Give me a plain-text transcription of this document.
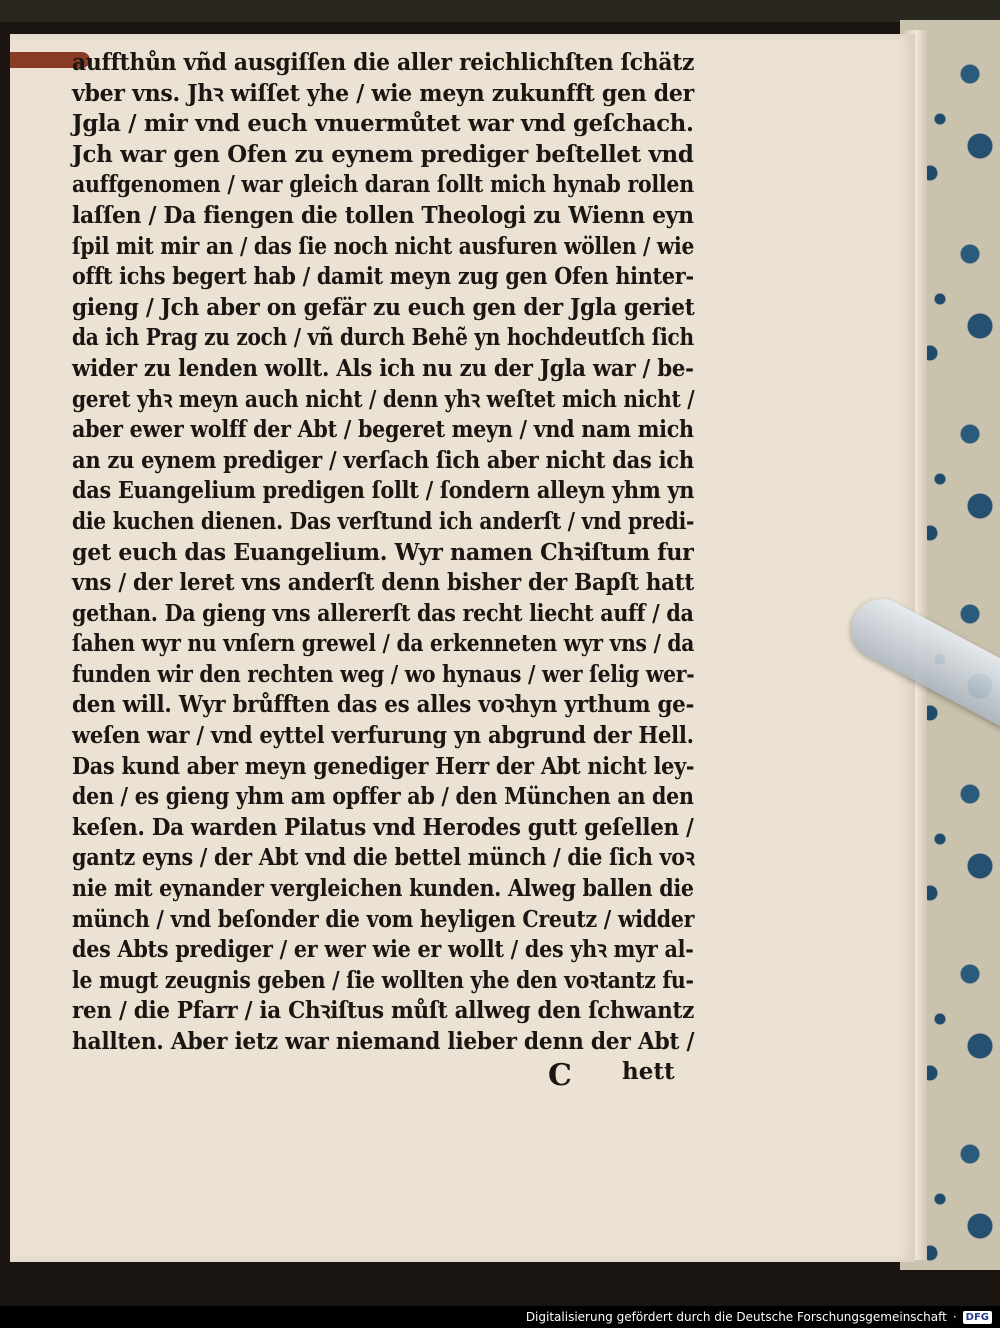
auffthůn vñd ausgiſſen die aller reichlichſten ſchätz
vber vns. Jhꝛ wiſſet yhe / wie meyn zukunfft gen der
Jgla / mir vnd euch vnuermůtet war vnd geſchach.
Jch war gen Ofen zu eynem prediger beſtellet vnd
auffgenomen / war gleich daran ſollt mich hynab rollen
laſſen / Da fiengen die tollen Theologi zu Wienn eyn
ſpil mit mir an / das ſie noch nicht ausfuren wöllen / wie
offt ichs begert hab / damit meyn zug gen Ofen hinter-
gieng / Jch aber on gefär zu euch gen der Jgla geriet
da ich Prag zu zoch / vñ durch Behẽ yn hochdeutſch ſich
wider zu lenden wollt. Als ich nu zu der Jgla war / be-
geret yhꝛ meyn auch nicht / denn yhꝛ weſtet mich nicht /
aber ewer wolff der Abt / begeret meyn / vnd nam mich
an zu eynem prediger / verſach ſich aber nicht das ich
das Euangelium predigen ſollt / ſondern alleyn yhm yn
die kuchen dienen. Das verſtund ich anderſt / vnd predi-
get euch das Euangelium. Wyr namen Chꝛiſtum fur
vns / der leret vns anderſt denn bisher der Bapſt hatt
gethan. Da gieng vns allererſt das recht liecht auff / da
ſahen wyr nu vnſern grewel / da erkenneten wyr vns / da
funden wir den rechten weg / wo hynaus / wer ſelig wer-
den will. Wyr brůfften das es alles voꝛhyn yrthum ge-
weſen war / vnd eyttel verfurung yn abgrund der Hell.
Das kund aber meyn genediger Herr der Abt nicht ley-
den / es gieng yhm am opffer ab / den München an den
keſen. Da warden Pilatus vnd Herodes gutt geſellen /
gantz eyns / der Abt vnd die bettel münch / die ſich voꝛ
nie mit eynander vergleichen kunden. Alweg ballen die
münch / vnd beſonder die vom heyligen Creutz / widder
des Abts prediger / er wer wie er wollt / des yhꝛ myr al-
le mugt zeugnis geben / ſie wollten yhe den voꝛtantz fu-
ren / die Pfarr / ia Chꝛiſtus můſt allweg den ſchwantz
hallten. Aber ietz war niemand lieber denn der Abt /
C hett
Digitalisierung gefördert durch die Deutsche Forschungsgemeinschaft · DFG
